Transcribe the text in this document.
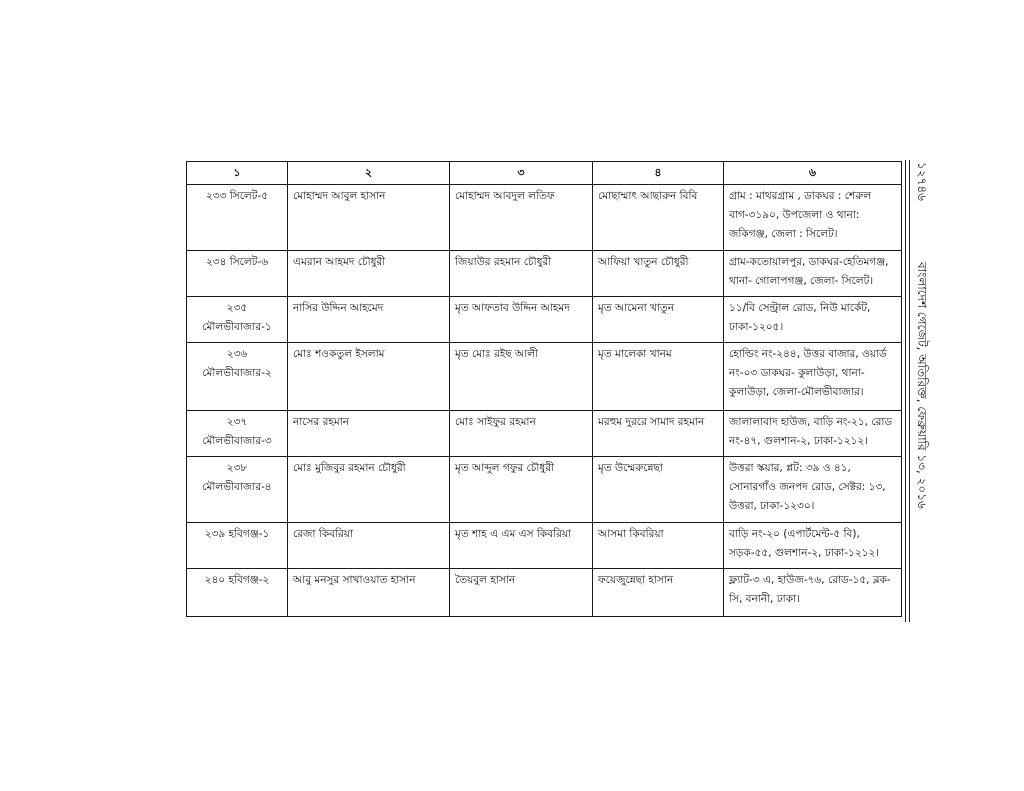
১	২	৩	৪	৬
২৩৩ সিলেট-৫	মোহাম্মদ আবুল হাসান	মোহাম্মদ আবদুল লতিফ	মোছাম্মাৎ আছারুন বিবি	গ্রাম : মাথরগ্রাম , ডাকঘর : শেরুল বাগ-৩১৯০, উপজেলা ও থানা: জকিগঞ্জ, জেলা : সিলেট।
২৩৪ সিলেট-৬	এমরান আহমদ চৌধুরী	জিয়াউর রহমান চৌধুরী	আফিয়া খাতুন চৌধুরী	গ্রাম-কতোয়ালপুর, ডাকঘর-হেতিমগঞ্জ, থানা- গোলাপগঞ্জ, জেলা- সিলেট।
২৩৫ মৌলভীবাজার-১	নাসির উদ্দিন আহমেদ	মৃত আফতাব উদ্দিন আহমদ	মৃত আমেনা খাতুন	১১/বি সেন্ট্রাল রোড, নিউ মার্কেট, ঢাকা-১২০৫।
২৩৬ মৌলভীবাজার-২	মোঃ শওকতুল ইসলাম	মৃত মোঃ রইছ আলী	মৃত মালেকা খানম	হোল্ডিং নং-২৪৪, উত্তর বাজার, ওয়ার্ড নং-০৩ ডাকঘর- কুলাউড়া, থানা- কুলাউড়া, জেলা-মৌলভীবাজার।
২৩৭ মৌলভীবাজার-৩	নাসের রহমান	মোঃ সাইফুর রহমান	মরহুম দুররে সামাদ রহমান	জালালাবাদ হাউজ, বাড়ি নং-২১, রোড নং-৪৭, গুলশান-২, ঢাকা-১২১২।
২৩৮ মৌলভীবাজার-৪	মোঃ মুজিবুর রহমান চৌধুরী	মৃত আব্দুল গফুর চৌধুরী	মৃত উম্মেরুন্নেছা	উত্তরা স্কয়ার, প্লট: ৩৯ ও ৪১, সোনারগাঁও জনপদ রোড, সেক্টর: ১৩, উত্তরা, ঢাকা-১২৩০।
২৩৯ হবিগঞ্জ-১	রেজা কিবরিয়া	মৃত শাহ এ এম এস কিবরিয়া	আসমা কিবরিয়া	বাড়ি নং-২০ (এপার্টমেন্ট-৫ বি), সড়ক-৫৫, গুলশান-২, ঢাকা-১২১২।
২৪০ হবিগঞ্জ-২	আবু মনসুর সাখাওয়াত হাসান	তৈয়বুল হাসান	ফয়েজুন্নেছা হাসান	ফ্ল্যাট-৩ এ, হাউজ-৭৬, রোড-১৫, ব্লক-সি, বনানী, ঢাকা।
১২৭৪৬
বাংলাদেশ গেজেট, অতিরিক্ত, ফেব্রুয়ারি ১৩, ২০১৬
